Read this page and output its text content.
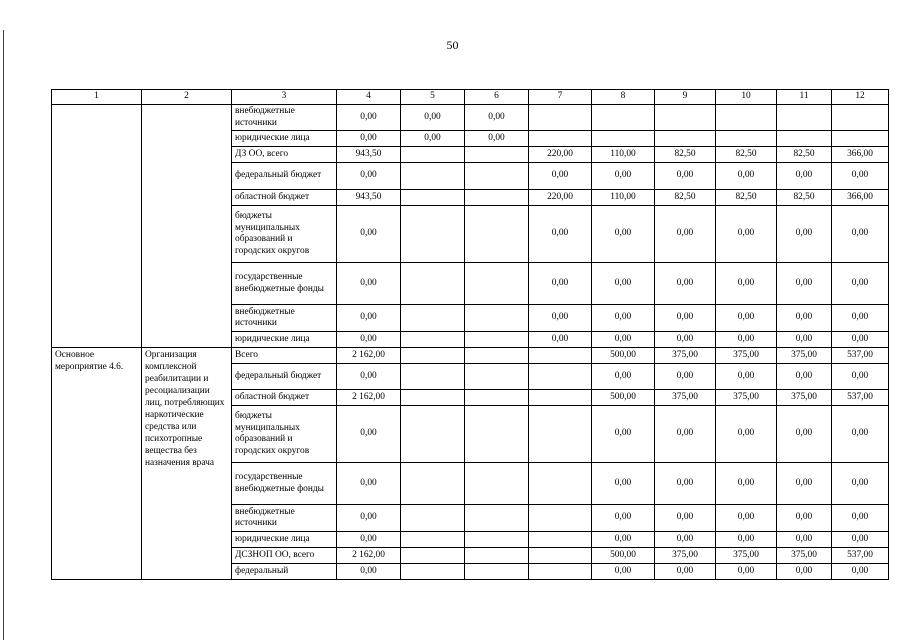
50
1	2	3	4	5	6	7	8	9	10	11	12
		внебюджетные источники	0,00	0,00	0,00						
		юридические лица	0,00	0,00	0,00						
		ДЗ ОО, всего	943,50			220,00	110,00	82,50	82,50	82,50	366,00
		федеральный бюджет	0,00			0,00	0,00	0,00	0,00	0,00	0,00
		областной бюджет	943,50			220,00	110,00	82,50	82,50	82,50	366,00
		бюджеты муниципальных образований и городских округов	0,00			0,00	0,00	0,00	0,00	0,00	0,00
		государственные внебюджетные фонды	0,00			0,00	0,00	0,00	0,00	0,00	0,00
		внебюджетные источники	0,00			0,00	0,00	0,00	0,00	0,00	0,00
		юридические лица	0,00			0,00	0,00	0,00	0,00	0,00	0,00
Основное мероприятие 4.6.	Организация комплексной реабилитации и ресоциализации лиц, потребляющих наркотические средства или психотропные вещества без назначения врача	Всего	2 162,00				500,00	375,00	375,00	375,00	537,00
		федеральный бюджет	0,00				0,00	0,00	0,00	0,00	0,00
		областной бюджет	2 162,00				500,00	375,00	375,00	375,00	537,00
		бюджеты муниципальных образований и городских округов	0,00				0,00	0,00	0,00	0,00	0,00
		государственные внебюджетные фонды	0,00				0,00	0,00	0,00	0,00	0,00
		внебюджетные источники	0,00				0,00	0,00	0,00	0,00	0,00
		юридические лица	0,00				0,00	0,00	0,00	0,00	0,00
		ДСЗНОП ОО, всего	2 162,00				500,00	375,00	375,00	375,00	537,00
		федеральный	0,00				0,00	0,00	0,00	0,00	0,00
